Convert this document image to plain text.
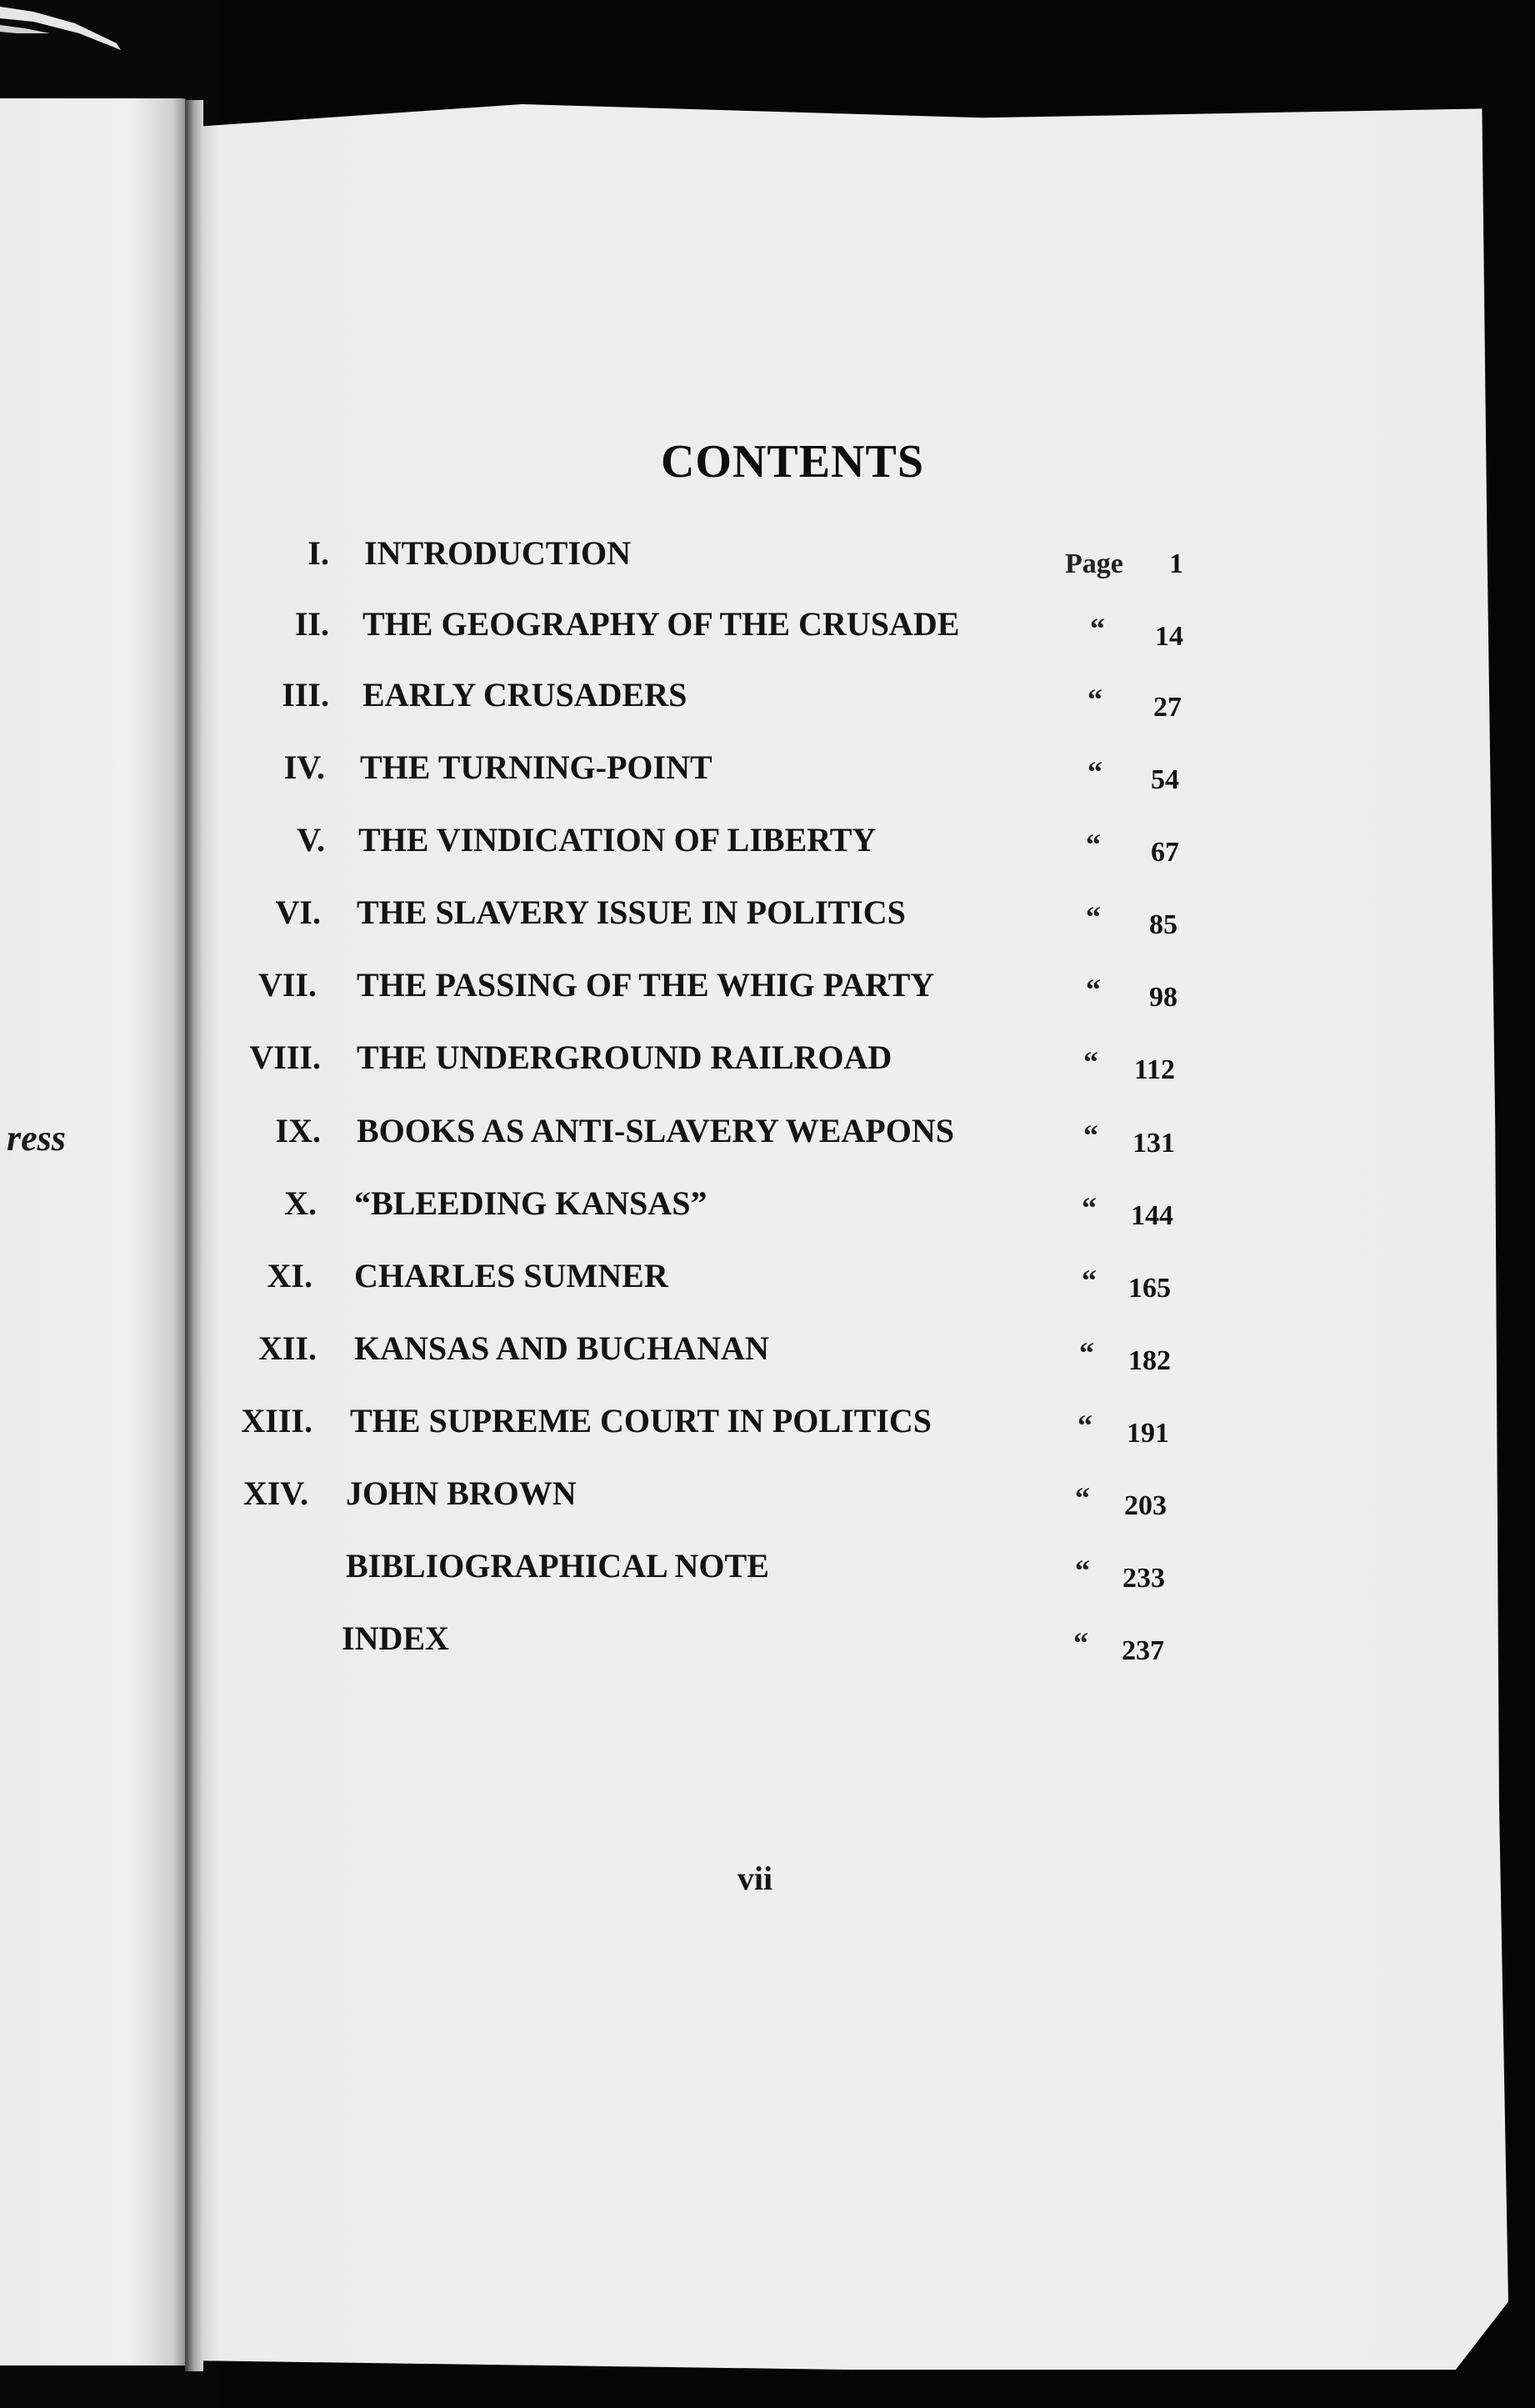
ress
CONTENTS
I. INTRODUCTION	Page	1
II. THE GEOGRAPHY OF THE CRUSADE	“	14
III. EARLY CRUSADERS	“	27
IV. THE TURNING-POINT	“	54
V. THE VINDICATION OF LIBERTY	“	67
VI. THE SLAVERY ISSUE IN POLITICS	“	85
VII. THE PASSING OF THE WHIG PARTY	“	98
VIII. THE UNDERGROUND RAILROAD	“	112
IX. BOOKS AS ANTI-SLAVERY WEAPONS	“	131
X. “BLEEDING KANSAS”	“	144
XI. CHARLES SUMNER	“	165
XII. KANSAS AND BUCHANAN	“	182
XIII. THE SUPREME COURT IN POLITICS	“	191
XIV. JOHN BROWN	“	203
BIBLIOGRAPHICAL NOTE	“	233
INDEX	“	237
vii
